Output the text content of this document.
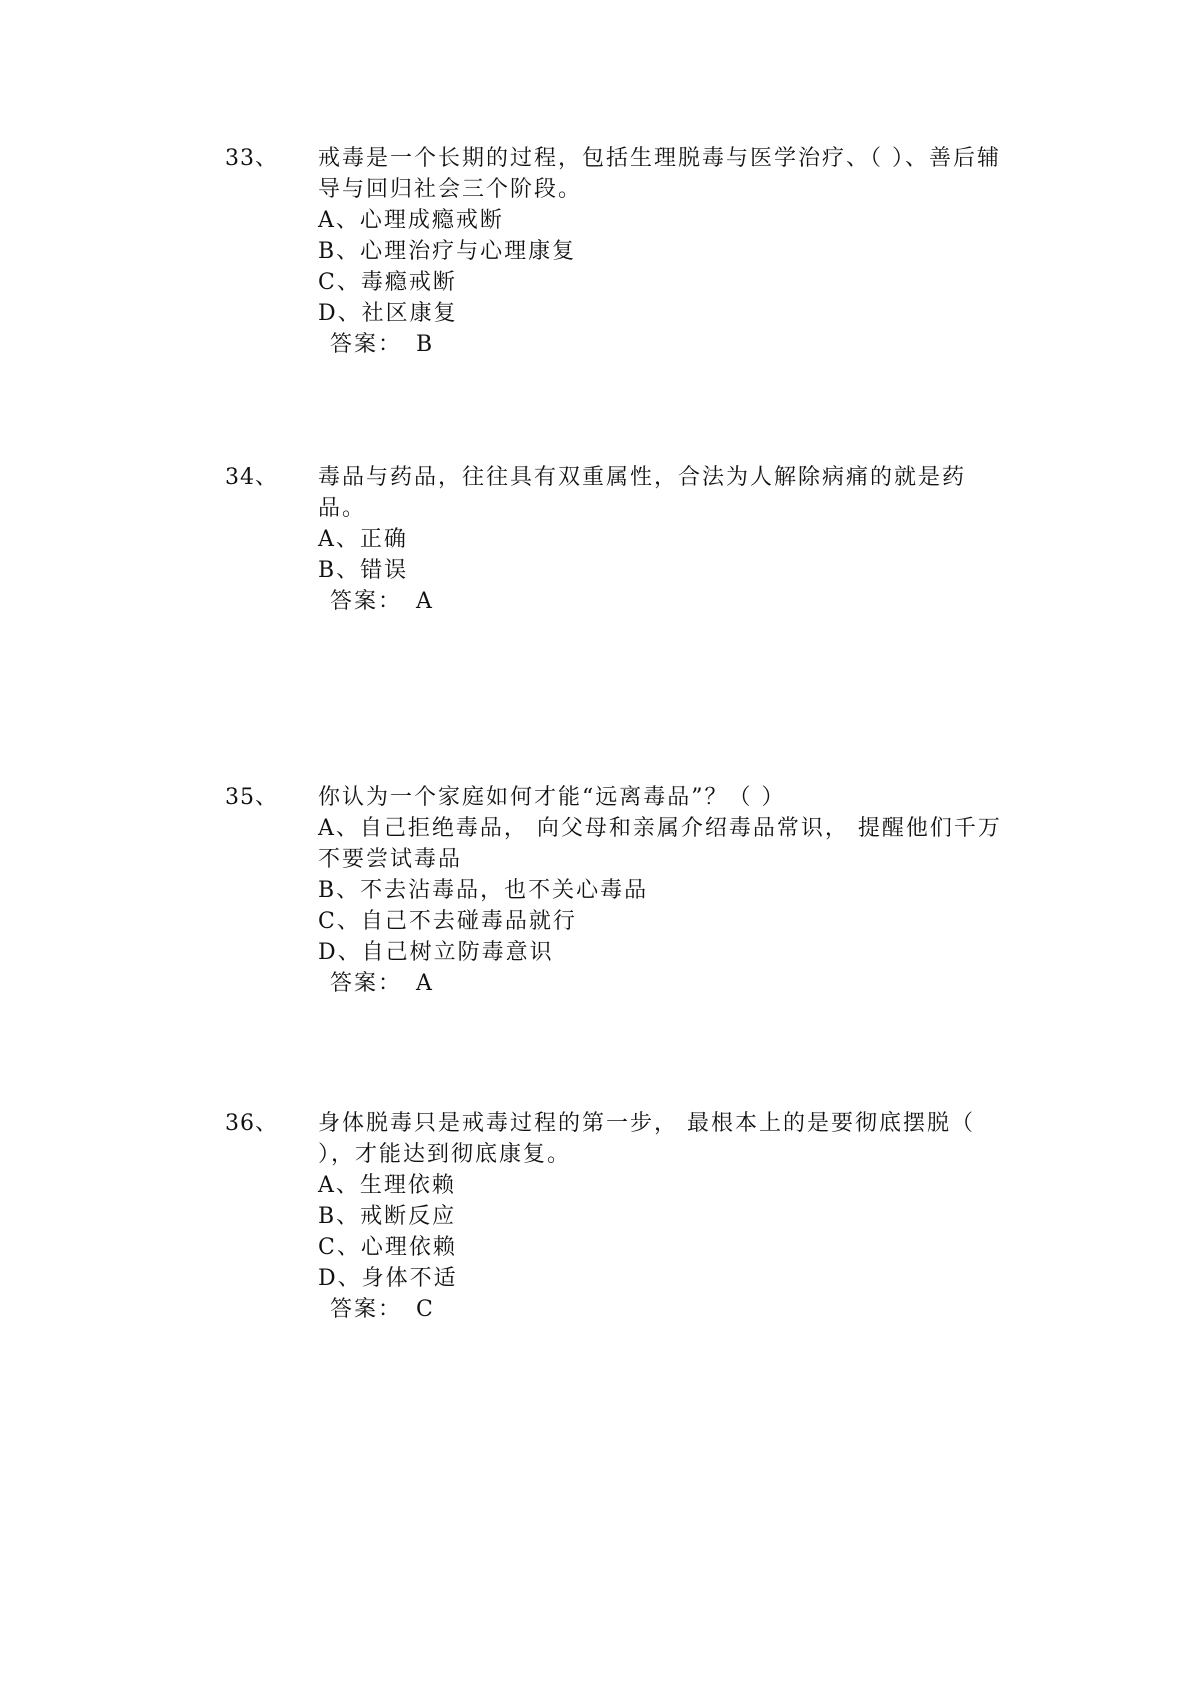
33、 戒毒是一个长期的过程，包括生理脱毒与医学治疗、（ ）、善后辅导与回归社会三个阶段。

A、心理成瘾戒断

B、心理治疗与心理康复

C、毒瘾戒断

D、社区康复

答案： B

34、 毒品与药品，往往具有双重属性，合法为人解除病痛的就是药品。

A、正确

B、错误

答案： A

35、 你认为一个家庭如何才能“远离毒品”？（ ）

A、自己拒绝毒品， 向父母和亲属介绍毒品常识， 提醒他们千万不要尝试毒品

B、不去沾毒品，也不关心毒品

C、自己不去碰毒品就行

D、自己树立防毒意识

答案： A

36、 身体脱毒只是戒毒过程的第一步， 最根本上的是要彻底摆脱（ ），才能达到彻底康复。

A、生理依赖

B、戒断反应

C、心理依赖

D、身体不适

答案： C
